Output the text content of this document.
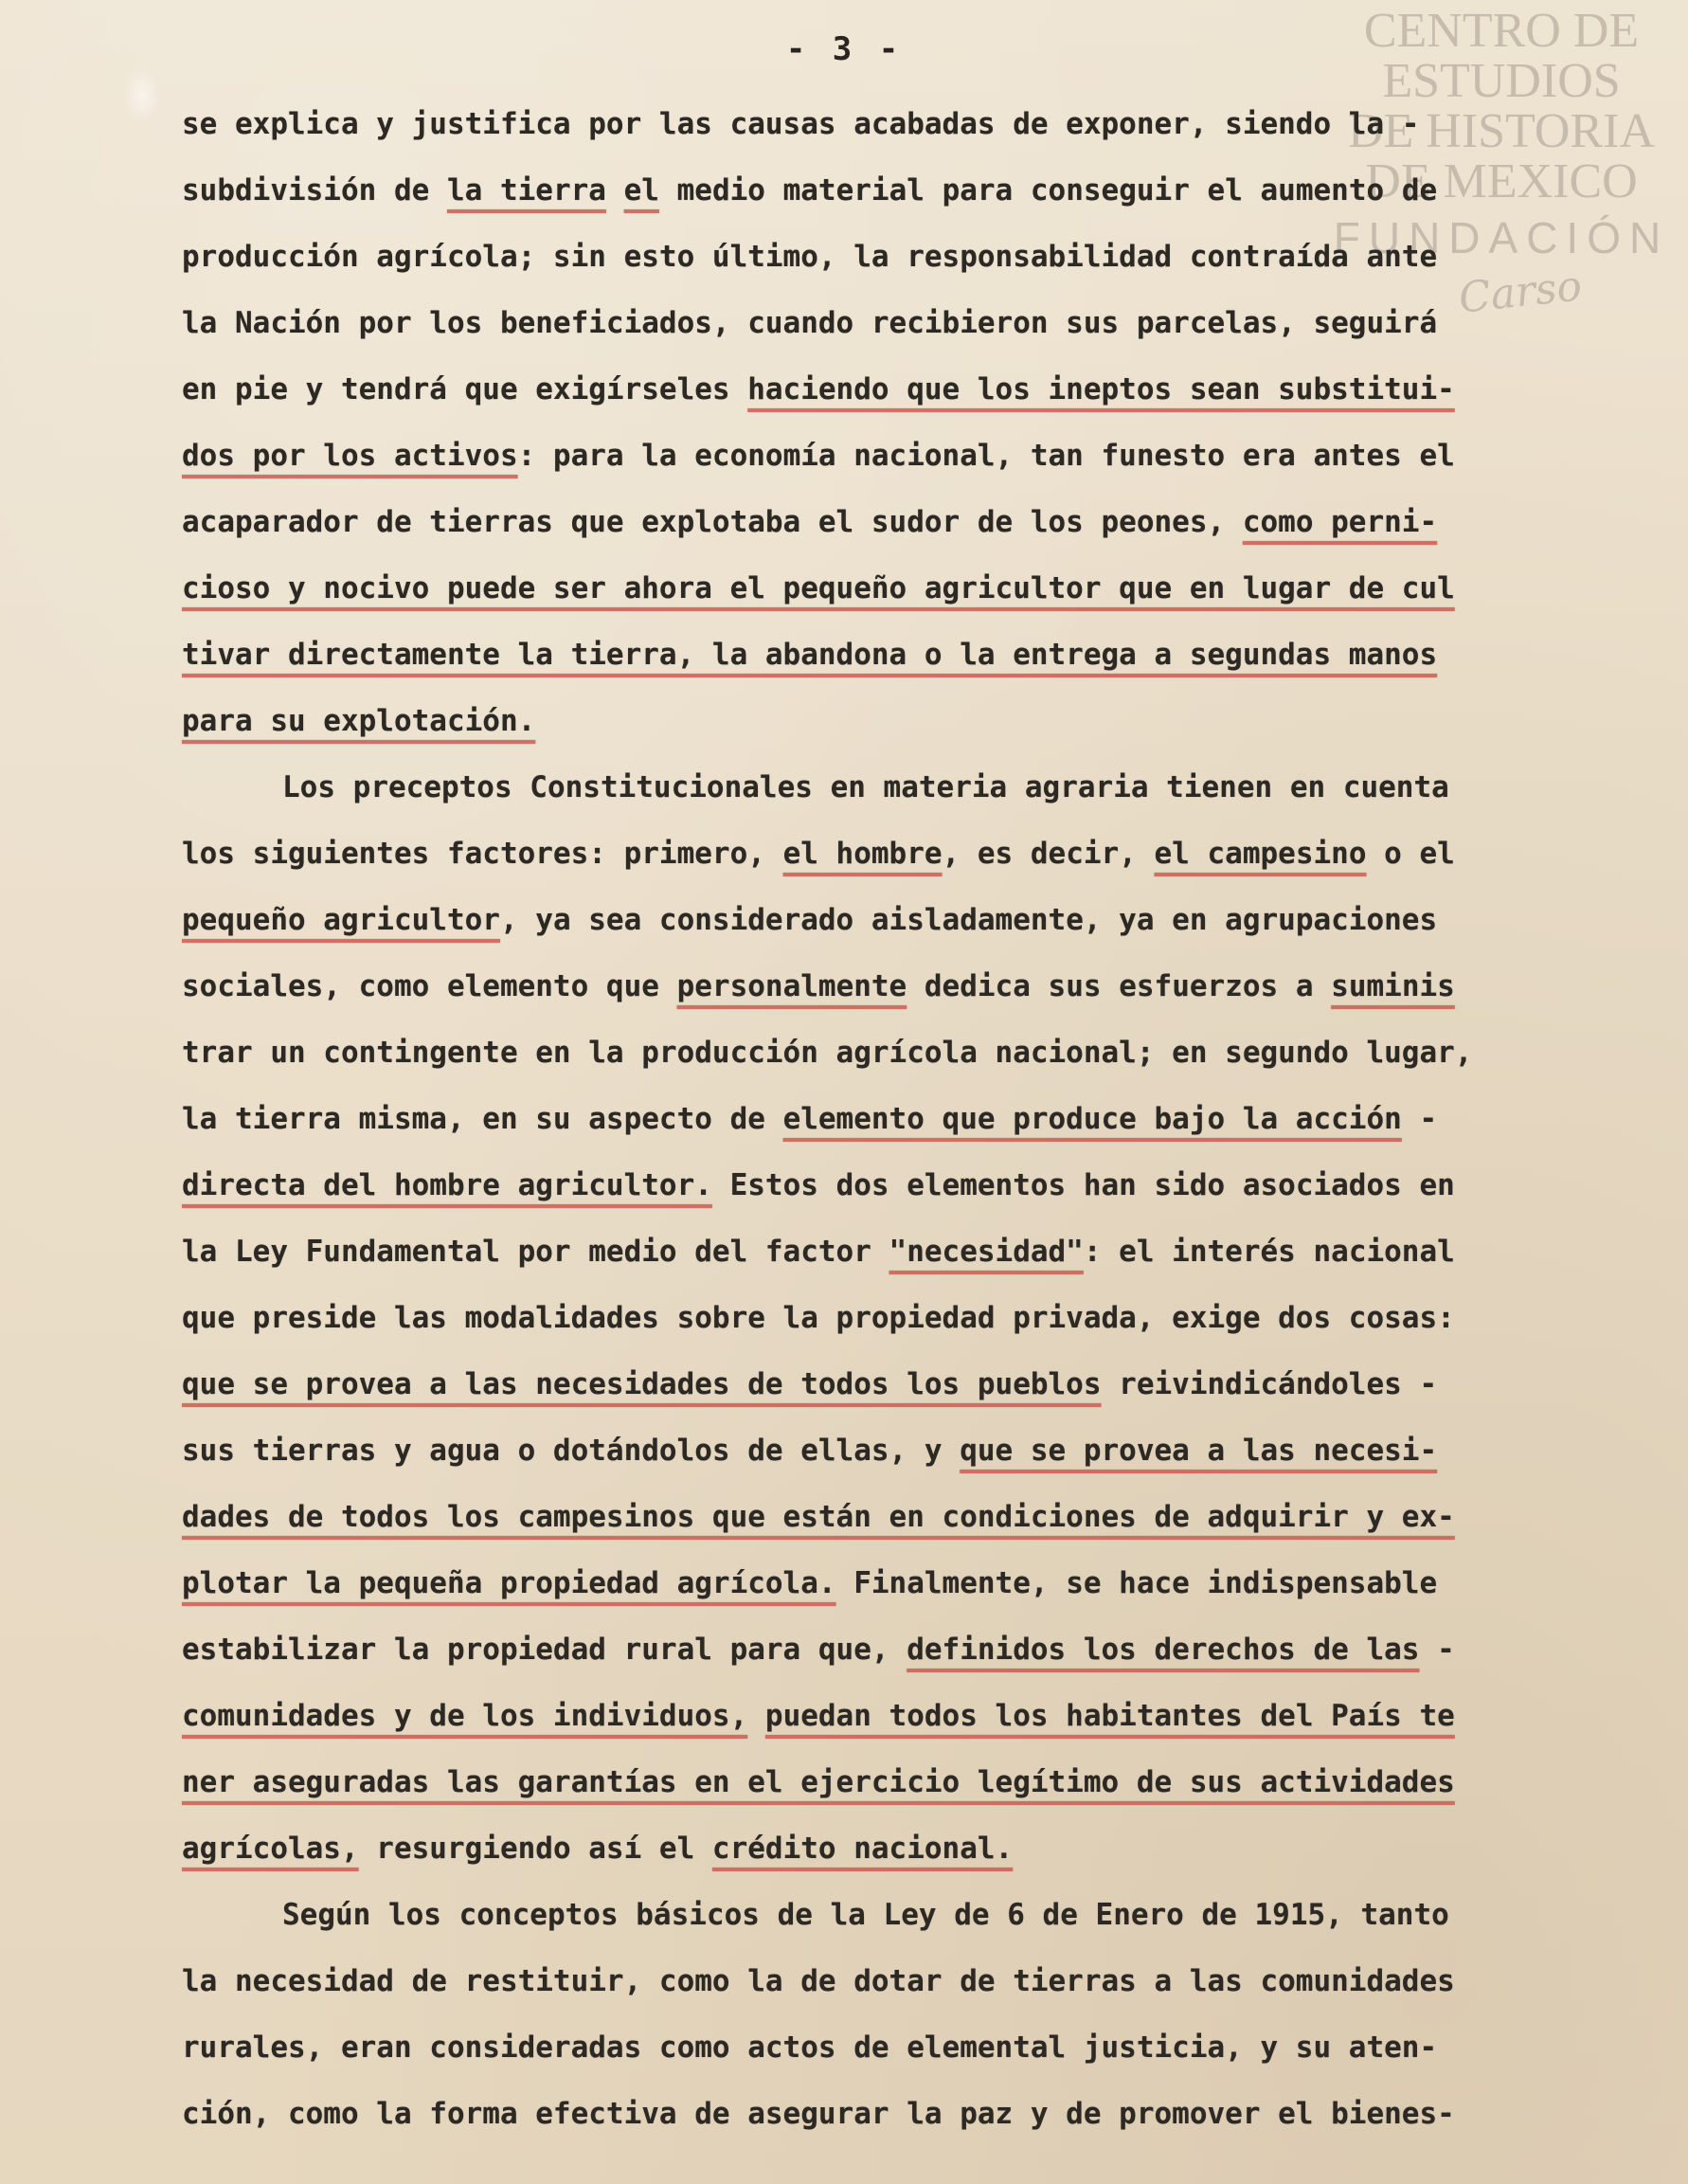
- 3 -	CENTRO DE
ESTUDIOS
DE HISTORIA
DE MEXICO
FUNDACIÓN
Carso
se explica y justifica por las causas acabadas de exponer, siendo la -
subdivisión de la tierra el medio material para conseguir el aumento de
producción agrícola; sin esto último, la responsabilidad contraída ante
la Nación por los beneficiados, cuando recibieron sus parcelas, seguirá
en pie y tendrá que exigírseles haciendo que los ineptos sean substitui-
dos por los activos: para la economía nacional, tan funesto era antes el
acaparador de tierras que explotaba el sudor de los peones, como perni-
cioso y nocivo puede ser ahora el pequeño agricultor que en lugar de cul
tivar directamente la tierra, la abandona o la entrega a segundas manos
para su explotación.
Los preceptos Constitucionales en materia agraria tienen en cuenta
los siguientes factores: primero, el hombre, es decir, el campesino o el
pequeño agricultor, ya sea considerado aisladamente, ya en agrupaciones
sociales, como elemento que personalmente dedica sus esfuerzos a suminis
trar un contingente en la producción agrícola nacional; en segundo lugar,
la tierra misma, en su aspecto de elemento que produce bajo la acción -
directa del hombre agricultor. Estos dos elementos han sido asociados en
la Ley Fundamental por medio del factor "necesidad": el interés nacional
que preside las modalidades sobre la propiedad privada, exige dos cosas:
que se provea a las necesidades de todos los pueblos reivindicándoles -
sus tierras y agua o dotándolos de ellas, y que se provea a las necesi-
dades de todos los campesinos que están en condiciones de adquirir y ex-
plotar la pequeña propiedad agrícola. Finalmente, se hace indispensable
estabilizar la propiedad rural para que, definidos los derechos de las -
comunidades y de los individuos, puedan todos los habitantes del País te
ner aseguradas las garantías en el ejercicio legítimo de sus actividades
agrícolas, resurgiendo así el crédito nacional.
Según los conceptos básicos de la Ley de 6 de Enero de 1915, tanto
la necesidad de restituir, como la de dotar de tierras a las comunidades
rurales, eran consideradas como actos de elemental justicia, y su aten-
ción, como la forma efectiva de asegurar la paz y de promover el bienes-
